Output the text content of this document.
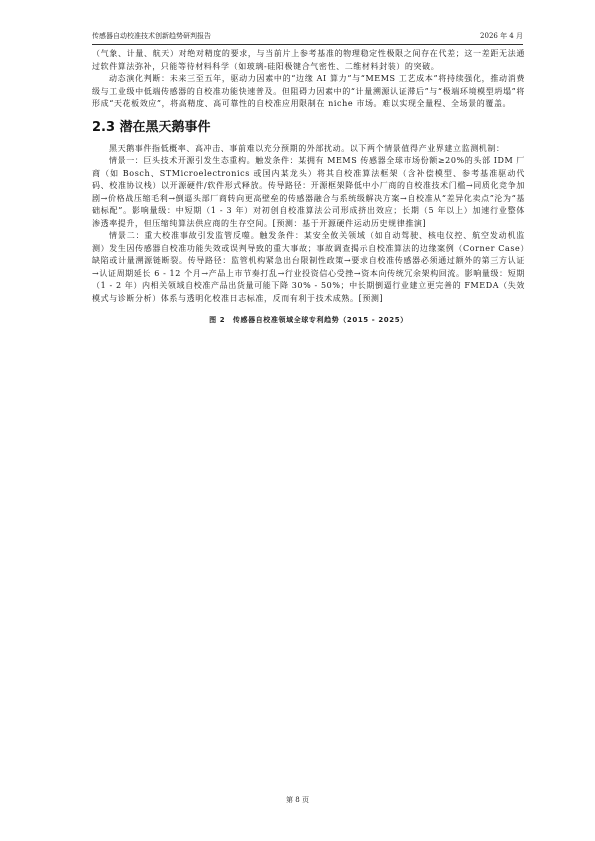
传感器自动校准技术创新趋势研判报告	2026 年 4 月

（气象、计量、航天）对绝对精度的要求，与当前片上参考基准的物理稳定性极限之间存在代差；这一差距无法通过软件算法弥补，只能等待材料科学（如玻璃-硅阳极键合气密性、二维材料封装）的突破。

动态演化判断：未来三至五年，驱动力因素中的“边缘 AI 算力”与“MEMS 工艺成本”将持续强化，推动消费级与工业级中低端传感器的自校准功能快速普及。但阻碍力因素中的“计量溯源认证滞后”与“极端环境模型坍塌”将形成“天花板效应”，将高精度、高可靠性的自校准应用限制在 niche 市场。难以实现全量程、全场景的覆盖。

2.3 潜在黑天鹅事件

黑天鹅事件指低概率、高冲击、事前难以充分预期的外部扰动。以下两个情景值得产业界建立监测机制：

情景一：巨头技术开源引发生态重构。触发条件：某拥有 MEMS 传感器全球市场份额≥20%的头部 IDM 厂商（如 Bosch、STMicroelectronics 或国内某龙头）将其自校准算法框架（含补偿模型、参考基准驱动代码、校准协议栈）以开源硬件/软件形式释放。传导路径：开源框架降低中小厂商的自校准技术门槛→同质化竞争加剧→价格战压缩毛利→倒逼头部厂商转向更高壁垒的传感器融合与系统级解决方案→自校准从“差异化卖点”沦为“基础标配”。影响量级：中短期（1 - 3 年）对初创自校准算法公司形成挤出效应；长期（5 年以上）加速行业整体渗透率提升，但压缩纯算法供应商的生存空间。[预测：基于开源硬件运动历史规律推演]

情景二：重大校准事故引发监管反噬。触发条件：某安全攸关领域（如自动驾驶、核电仪控、航空发动机监测）发生因传感器自校准功能失效或误判导致的重大事故；事故调查揭示自校准算法的边缘案例（Corner Case）缺陷或计量溯源链断裂。传导路径：监管机构紧急出台限制性政策→要求自校准传感器必须通过额外的第三方认证→认证周期延长 6 - 12 个月→产品上市节奏打乱→行业投资信心受挫→资本向传统冗余架构回流。影响量级：短期（1 - 2 年）内相关领域自校准产品出货量可能下降 30% - 50%；中长期倒逼行业建立更完善的 FMEDA（失效模式与诊断分析）体系与透明化校准日志标准，反而有利于技术成熟。[预测]

图 2　传感器自校准领域全球专利趋势（2015 - 2025）
第 8 页
